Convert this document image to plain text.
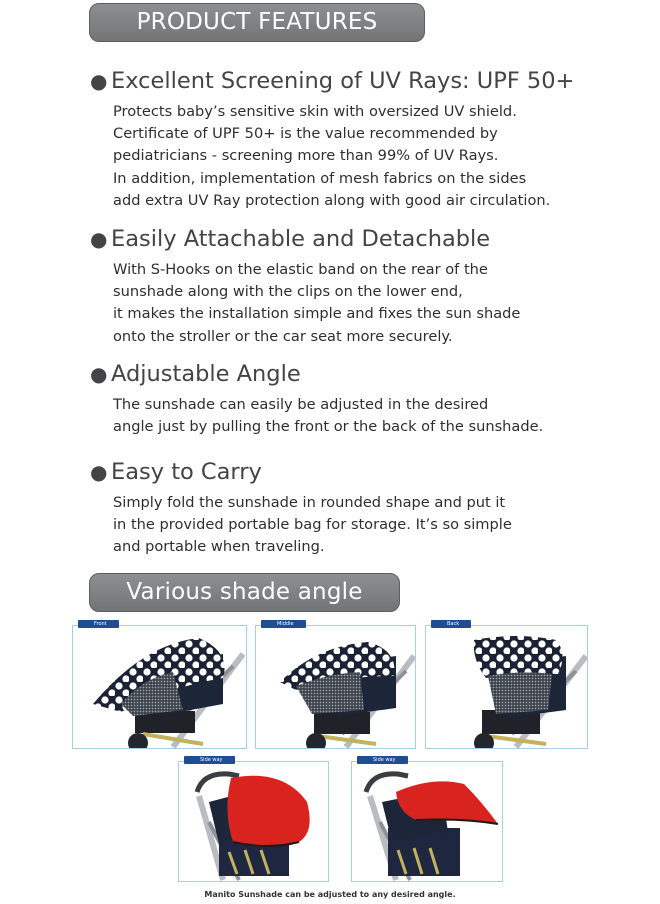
PRODUCT FEATURES
● Excellent Screening of UV Rays: UPF 50+
Protects baby’s sensitive skin with oversized UV shield.
Certificate of UPF 50+ is the value recommended by
pediatricians - screening more than 99% of UV Rays.
In addition, implementation of mesh fabrics on the sides
add extra UV Ray protection along with good air circulation.
● Easily Attachable and Detachable
With S-Hooks on the elastic band on the rear of the
sunshade along with the clips on the lower end,
it makes the installation simple and fixes the sun shade
onto the stroller or the car seat more securely.
● Adjustable Angle
The sunshade can easily be adjusted in the desired
angle just by pulling the front or the back of the sunshade.
● Easy to Carry
Simply fold the sunshade in rounded shape and put it
in the provided portable bag for storage. It’s so simple
and portable when traveling.
Various shade angle
Front	Middle	Back
Side way	Side way
Manito Sunshade can be adjusted to any desired angle.
